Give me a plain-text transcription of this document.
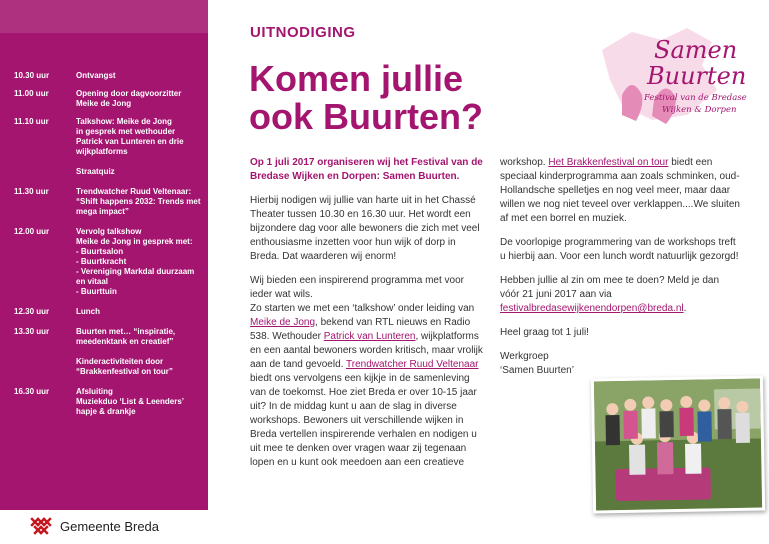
10.30 uur	Ontvangst
11.00 uur	Opening door dagvoorzitter
Meike de Jong
11.10 uur	Talkshow: Meike de Jong
in gesprek met wethouder
Patrick van Lunteren en drie
wijkplatforms
Straatquiz
11.30 uur	Trendwatcher Ruud Veltenaar:
“Shift happens 2032: Trends met
mega impact”
12.00 uur	Vervolg talkshow
Meike de Jong in gesprek met:
- Buurtsalon
- Buurtkracht
- Vereniging Markdal duurzaam
en vitaal
- Buurttuin
12.30 uur	Lunch
13.30 uur	Buurten met… “inspiratie,
meedenktank en creatief”
Kinderactiviteiten door
“Brakkenfestival on tour”
16.30 uur	Afsluiting
Muziekduo ‘List & Leenders’
hapje & drankje
Gemeente Breda
UITNODIGING
Komen jullie
ook Buurten?
Samen
Buurten
Festival van de Bredase
Wijken & Dorpen

Op 1 juli 2017 organiseren wij het Festival van de Bredase Wijken en Dorpen: Samen Buurten.

Hierbij nodigen wij jullie van harte uit in het Chassé Theater tussen 10.30 en 16.30 uur. Het wordt een bijzondere dag voor alle bewoners die zich met veel enthousiasme inzetten voor hun wijk of dorp in Breda. Dat waarderen wij enorm!

Wij bieden een inspirerend programma met voor ieder wat wils.
Zo starten we met een ‘talkshow’ onder leiding van Meike de Jong, bekend van RTL nieuws en Radio 538. Wethouder Patrick van Lunteren, wijkplatforms en een aantal bewoners worden kritisch, maar vrolijk aan de tand gevoeld. Trendwatcher Ruud Veltenaar biedt ons vervolgens een kijkje in de samenleving van de toekomst. Hoe ziet Breda er over 10-15 jaar uit? In de middag kunt u aan de slag in diverse workshops. Bewoners uit verschillende wijken in Breda vertellen inspirerende verhalen en nodigen u uit mee te denken over vragen waar zij tegenaan lopen en u kunt ook meedoen aan een creatieve

workshop. Het Brakkenfestival on tour biedt een speciaal kinderprogramma aan zoals schminken, oud-Hollandsche spelletjes en nog veel meer, maar daar willen we nog niet teveel over verklappen....We sluiten af met een borrel en muziek.

De voorlopige programmering van de workshops treft u hierbij aan. Voor een lunch wordt natuurlijk gezorgd!

Hebben jullie al zin om mee te doen? Meld je dan vóór 21 juni 2017 aan via festivalbredasewijkenendorpen@breda.nl.

Heel graag tot 1 juli!

Werkgroep
‘Samen Buurten’
